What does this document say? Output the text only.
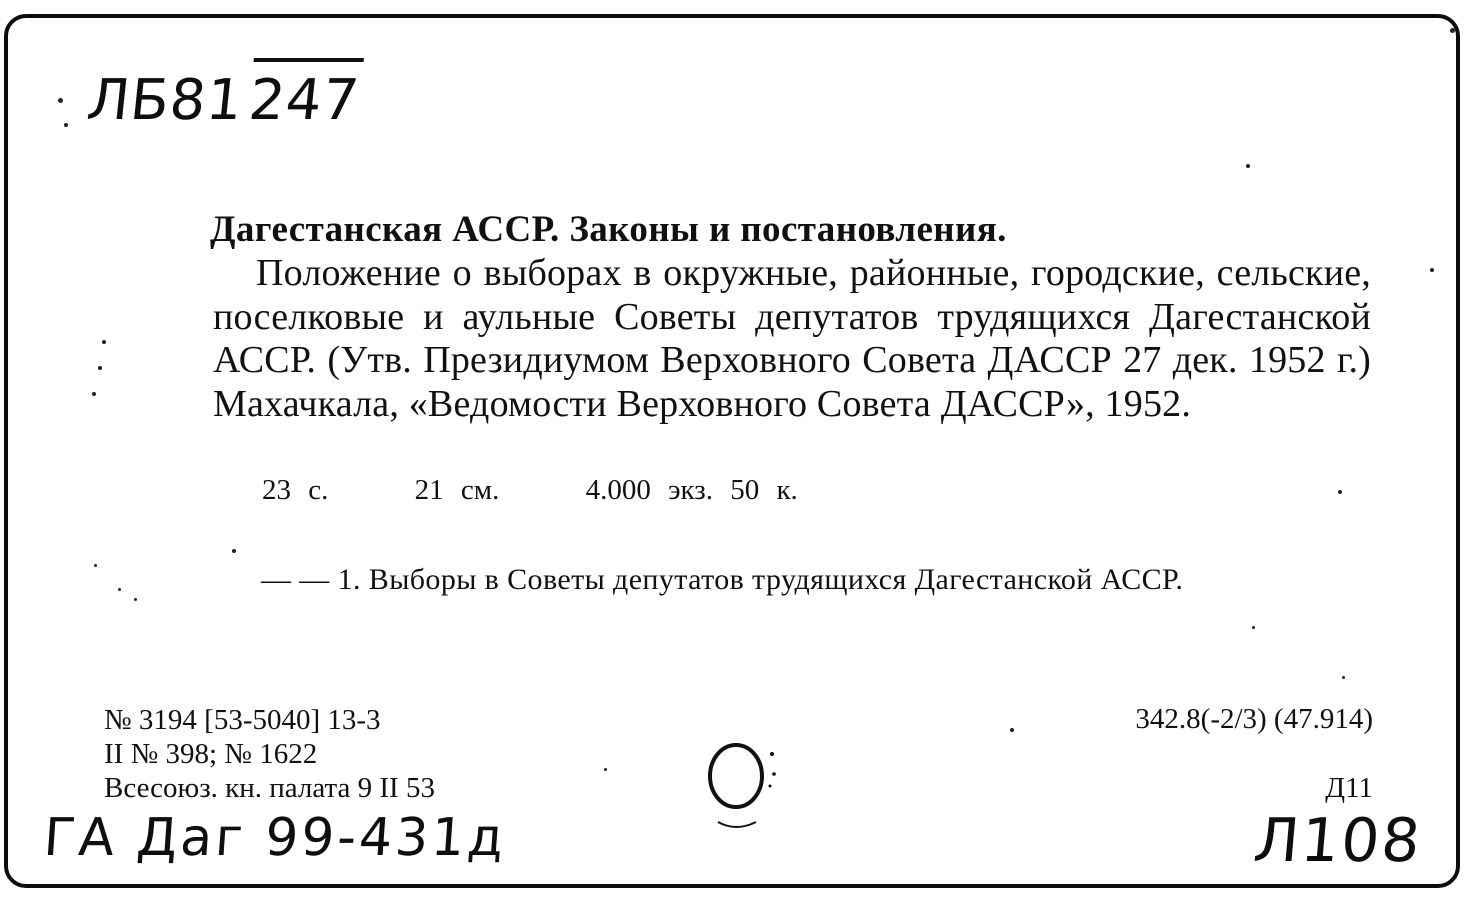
ЛБ81247
Дагестанская АССР. Законы и постановления.
Положение о выборах в окружные, районные, городские, сельские, поселковые и аульные Советы депутатов трудящихся Дагестанской АССР. (Утв. Президиумом Верховного Совета ДАССР 27 дек. 1952 г.) Махачкала, «Ведомости Верховного Совета ДАССР», 1952.
23 с.	21 см.	4.000 экз. 50 к.
— — 1. Выборы в Советы депутатов трудящихся Дагестанской АССР.
№ 3194 [53-5040] 13-3
II № 398; № 1622
Всесоюз. кн. палата 9 II 53
342.8(-2/3) (47.914)
Д11
ГА Даг 99-431д	Л108
